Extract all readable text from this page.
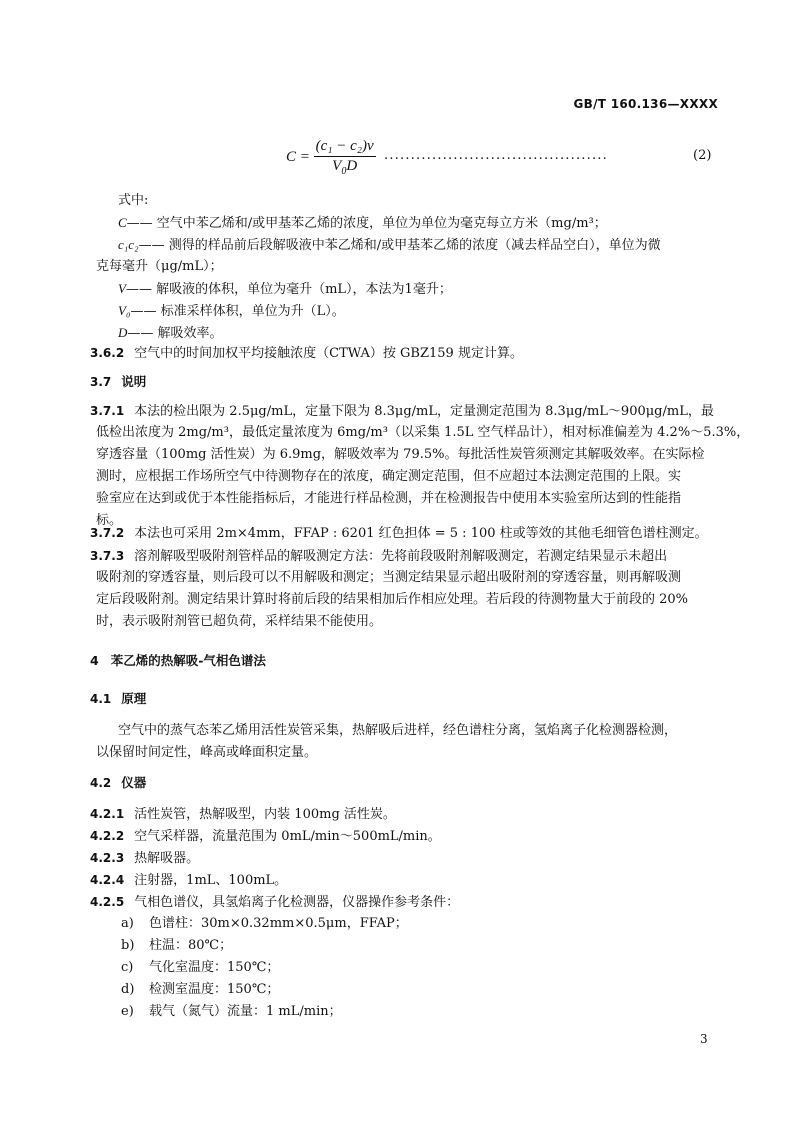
GB/T 160.136—XXXX
$C = \frac{\text{(c₁ − c₂)v}}{V_0D}$ ..........................................	(2)
式中:
C—— 空气中苯乙烯和/或甲基苯乙烯的浓度，单位为单位为毫克每立方米（mg/m³；
c₁c₂—— 测得的样品前后段解吸液中苯乙烯和/或甲基苯乙烯的浓度（减去样品空白），单位为微
克每毫升（μg/mL）；
V—— 解吸液的体积，单位为毫升（mL），本法为1毫升；
V₀—— 标准采样体积，单位为升（L）。
D—— 解吸效率。
3.6.2 空气中的时间加权平均接触浓度（CTWA）按 GBZ159 规定计算。
3.7 说明
3.7.1 本法的检出限为 2.5μg/mL，定量下限为 8.3μg/mL，定量测定范围为 8.3μg/mL～900μg/mL，最
低检出浓度为 2mg/m³，最低定量浓度为 6mg/m³（以采集 1.5L 空气样品计），相对标准偏差为 4.2%～5.3%，
穿透容量（100mg 活性炭）为 6.9mg，解吸效率为 79.5%。每批活性炭管须测定其解吸效率。在实际检
测时，应根据工作场所空气中待测物存在的浓度，确定测定范围，但不应超过本法测定范围的上限。实
验室应在达到或优于本性能指标后，才能进行样品检测，并在检测报告中使用本实验室所达到的性能指
标。
3.7.2 本法也可采用 2m×4mm，FFAP : 6201 红色担体 = 5 : 100 柱或等效的其他毛细管色谱柱测定。
3.7.3 溶剂解吸型吸附剂管样品的解吸测定方法：先将前段吸附剂解吸测定，若测定结果显示未超出
吸附剂的穿透容量，则后段可以不用解吸和测定；当测定结果显示超出吸附剂的穿透容量，则再解吸测
定后段吸附剂。测定结果计算时将前后段的结果相加后作相应处理。若后段的待测物量大于前段的 20%
时，表示吸附剂管已超负荷，采样结果不能使用。
4 苯乙烯的热解吸-气相色谱法
4.1 原理
空气中的蒸气态苯乙烯用活性炭管采集，热解吸后进样，经色谱柱分离，氢焰离子化检测器检测，
以保留时间定性，峰高或峰面积定量。
4.2 仪器
4.2.1 活性炭管，热解吸型，内装 100mg 活性炭。
4.2.2 空气采样器，流量范围为 0mL/min～500mL/min。
4.2.3 热解吸器。
4.2.4 注射器，1mL、100mL。
4.2.5 气相色谱仪，具氢焰离子化检测器，仪器操作参考条件：
a) 色谱柱：30m×0.32mm×0.5μm，FFAP；
b) 柱温：80℃；
c) 气化室温度：150℃；
d) 检测室温度：150℃；
e) 载气（氮气）流量：1 mL/min；
3
